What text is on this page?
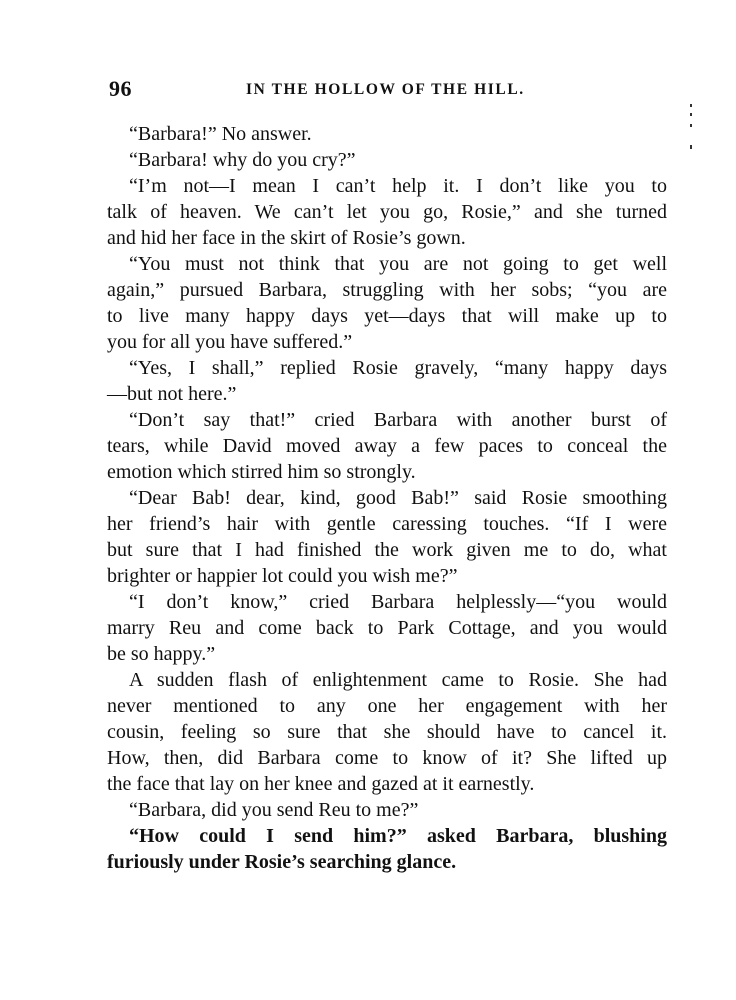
96	IN THE HOLLOW OF THE HILL.
“Barbara!” No answer.
“Barbara! why do you cry?”
“I’m not—I mean I can’t help it. I don’t like you to
talk of heaven. We can’t let you go, Rosie,” and she turned
and hid her face in the skirt of Rosie’s gown.
“You must not think that you are not going to get well
again,” pursued Barbara, struggling with her sobs; “you are
to live many happy days yet—days that will make up to
you for all you have suffered.”
“Yes, I shall,” replied Rosie gravely, “many happy days
—but not here.”
“Don’t say that!” cried Barbara with another burst of
tears, while David moved away a few paces to conceal the
emotion which stirred him so strongly.
“Dear Bab! dear, kind, good Bab!” said Rosie smoothing
her friend’s hair with gentle caressing touches. “If I were
but sure that I had finished the work given me to do, what
brighter or happier lot could you wish me?”
“I don’t know,” cried Barbara helplessly—“you would
marry Reu and come back to Park Cottage, and you would
be so happy.”
A sudden flash of enlightenment came to Rosie. She had
never mentioned to any one her engagement with her
cousin, feeling so sure that she should have to cancel it.
How, then, did Barbara come to know of it? She lifted up
the face that lay on her knee and gazed at it earnestly.
“Barbara, did you send Reu to me?”
“How could I send him?” asked Barbara, blushing
furiously under Rosie’s searching glance.
